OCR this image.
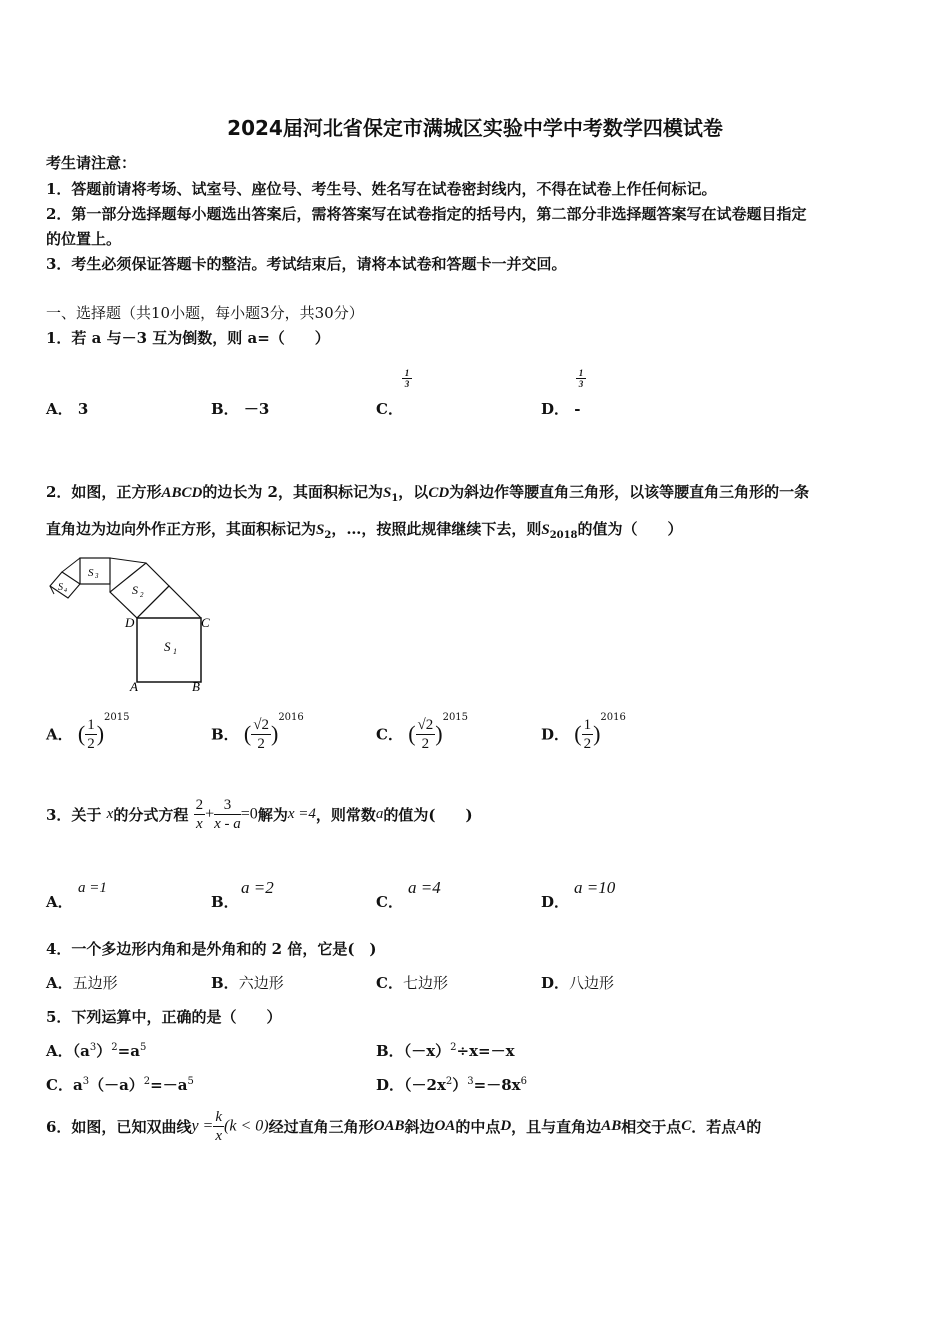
2024届河北省保定市满城区实验中学中考数学四模试卷
考生请注意：
1．答题前请将考场、试室号、座位号、考生号、姓名写在试卷密封线内，不得在试卷上作任何标记。
2．第一部分选择题每小题选出答案后，需将答案写在试卷指定的括号内，第二部分非选择题答案写在试卷题目指定
的位置上。
3．考生必须保证答题卡的整洁。考试结束后，请将本试卷和答题卡一并交回。
一、选择题（共10小题，每小题3分，共30分）
1．若 a 与－3 互为倒数，则 a=（　　）
A． 3	B． －3	C．
$\frac{1}{3}$
D． -
$\frac{1}{3}$
2．如图，正方形ABCD的边长为 2，其面积标记为$S_1$，以CD为斜边作等腰直角三角形，以该等腰直角三角形的一条
直角边为边向外作正方形，其面积标记为$S_2$，…，按照此规律继续下去，则$S_{2018}$的值为（　　）
S 1
S 2
S 3
S 4
D	C
A	B
A． ( $\frac{1}{2} )^{2015}$
B． ( $\frac{√2}{2} )^{2016}$
C． ( $\frac{√2}{2} )^{2015}$
D． ( $\frac{1}{2} )^{2016}$
3．关于 x的分式方程 $\frac{2}{x} + \frac{3}{x - a} =0$解为x =4，则常数a的值为(　　)
A．
a =1
B．
a =2
C．
a =4
D．
a =10
4．一个多边形内角和是外角和的 2 倍，它是(　)
A．五边形	B．六边形	C．七边形	D．八边形
5．下列运算中，正确的是（　　）
A．$(a^3)^2=a^5$	B．$(-x)^2\div x=-x$
C．$a^3(-a)^2=-a^5$	D．$(-2x^2)^3=-8x^6$
6．如图，已知双曲线$y = \frac{k}{x} (k < 0)$经过直角三角形OAB斜边OA的中点D，且与直角边AB相交于点C．若点A的
